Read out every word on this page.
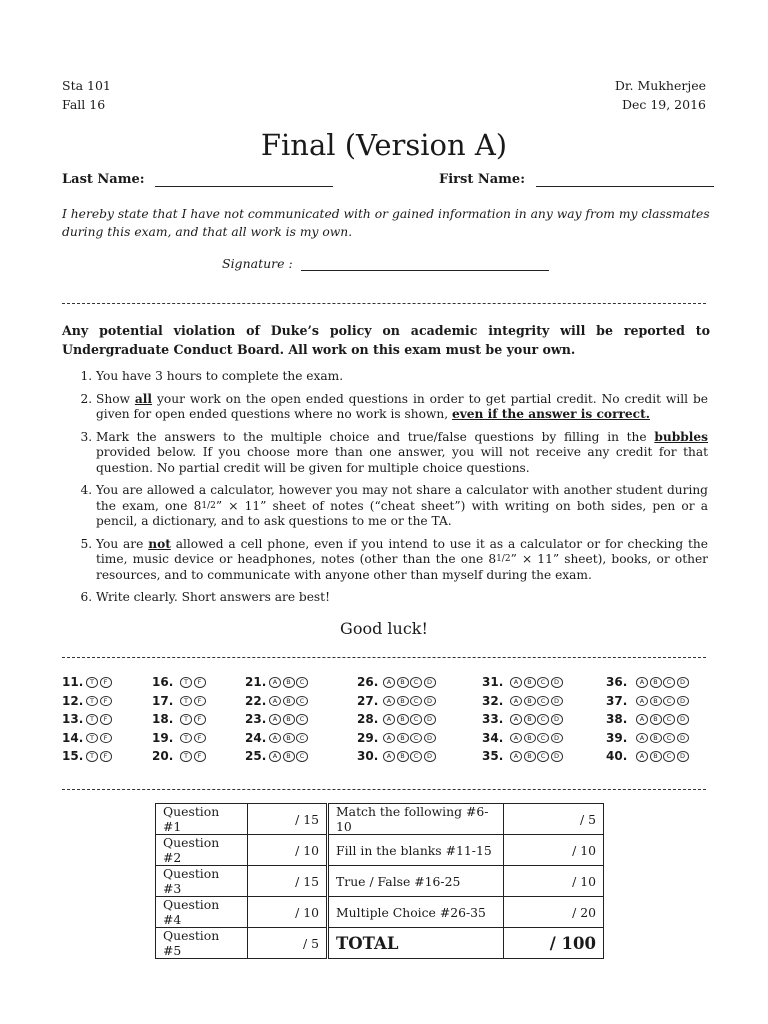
Sta 101
Fall 16
Dr. Mukherjee
Dec 19, 2016
Final (Version A)
Last Name:	First Name:
I hereby state that I have not communicated with or gained information in any way from my classmates during this exam, and that all work is my own.
Signature :
Any potential violation of Duke’s policy on academic integrity will be reported to Undergraduate Conduct Board. All work on this exam must be your own.
1. You have 3 hours to complete the exam.
2. Show all your work on the open ended questions in order to get partial credit. No credit will be given for open ended questions where no work is shown, even if the answer is correct.
3. Mark the answers to the multiple choice and true/false questions by filling in the bubbles provided below. If you choose more than one answer, you will not receive any credit for that question. No partial credit will be given for multiple choice questions.
4. You are allowed a calculator, however you may not share a calculator with another student during the exam, one 81/2” × 11” sheet of notes (“cheat sheet”) with writing on both sides, pen or a pencil, a dictionary, and to ask questions to me or the TA.
5. You are not allowed a cell phone, even if you intend to use it as a calculator or for checking the time, music device or headphones, notes (other than the one 81/2” × 11” sheet), books, or other resources, and to communicate with anyone other than myself during the exam.
6. Write clearly. Short answers are best!
Good luck!
11.	T	F
12.	T	F
13.	T	F
14.	T	F
15.	T	F
16.	T	F
17.	T	F
18.	T	F
19.	T	F
20.	T	F
21.	A	B	C
22.	A	B	C
23.	A	B	C
24.	A	B	C
25.	A	B	C
26.	A	B	C	D
27.	A	B	C	D
28.	A	B	C	D
29.	A	B	C	D
30.	A	B	C	D
31.	A	B	C	D
32.	A	B	C	D
33.	A	B	C	D
34.	A	B	C	D
35.	A	B	C	D
36.	A	B	C	D
37.	A	B	C	D
38.	A	B	C	D
39.	A	B	C	D
40.	A	B	C	D
Question #1	/ 15	Match the following #6-10	/ 5
Question #2	/ 10	Fill in the blanks #11-15	/ 10
Question #3	/ 15	True / False #16-25	/ 10
Question #4	/ 10	Multiple Choice #26-35	/ 20
Question #5	/ 5	TOTAL	/ 100
